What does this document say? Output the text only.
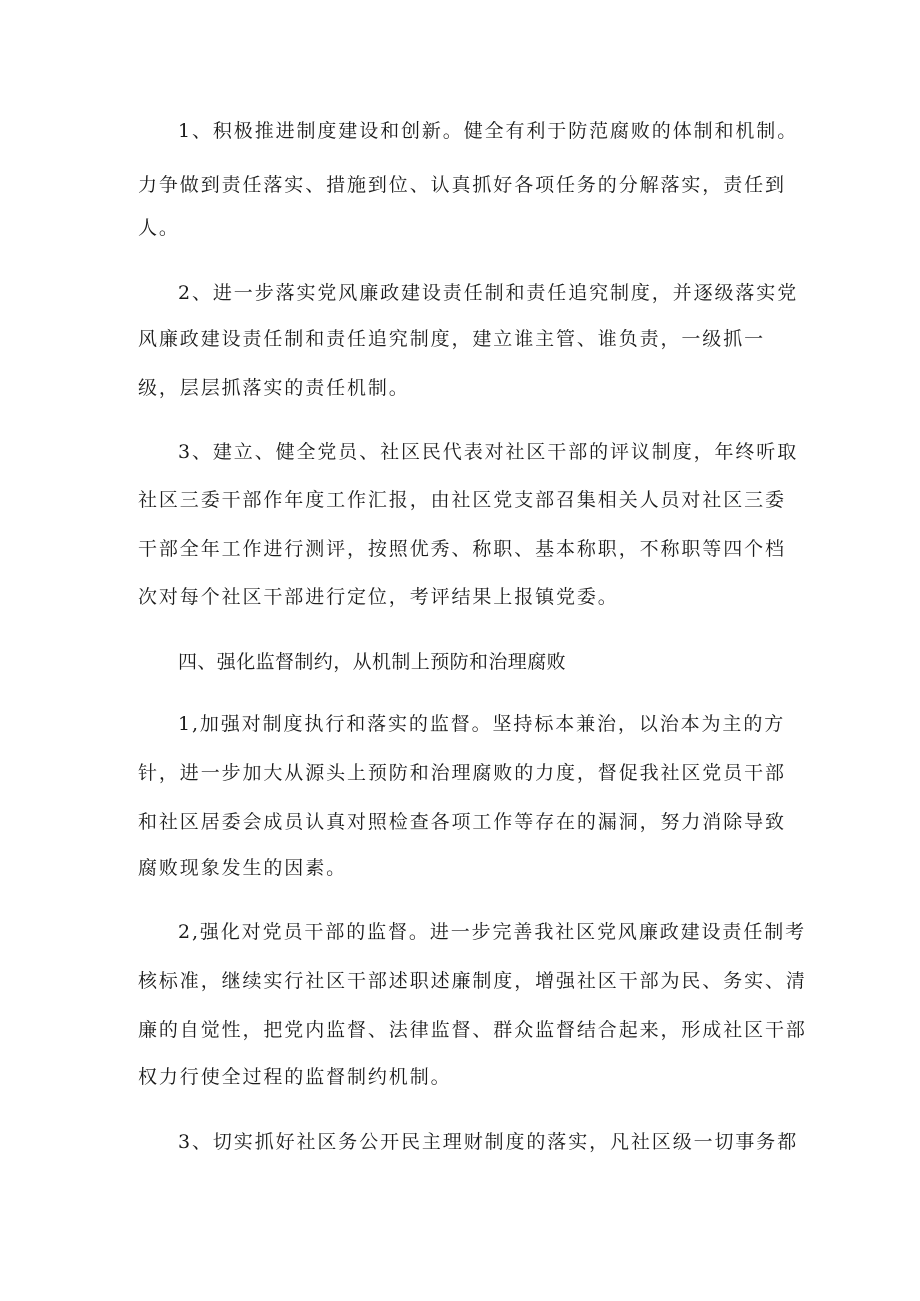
1、积极推进制度建设和创新。健全有利于防范腐败的体制和机制。
力争做到责任落实、措施到位、认真抓好各项任务的分解落实，责任到
人。
2、进一步落实党风廉政建设责任制和责任追究制度，并逐级落实党
风廉政建设责任制和责任追究制度，建立谁主管、谁负责，一级抓一
级，层层抓落实的责任机制。
3、建立、健全党员、社区民代表对社区干部的评议制度，年终听取
社区三委干部作年度工作汇报，由社区党支部召集相关人员对社区三委
干部全年工作进行测评，按照优秀、称职、基本称职，不称职等四个档
次对每个社区干部进行定位，考评结果上报镇党委。
四、强化监督制约，从机制上预防和治理腐败
1,加强对制度执行和落实的监督。坚持标本兼治，以治本为主的方
针，进一步加大从源头上预防和治理腐败的力度，督促我社区党员干部
和社区居委会成员认真对照检查各项工作等存在的漏洞，努力消除导致
腐败现象发生的因素。
2,强化对党员干部的监督。进一步完善我社区党风廉政建设责任制考
核标准，继续实行社区干部述职述廉制度，增强社区干部为民、务实、清
廉的自觉性，把党内监督、法律监督、群众监督结合起来，形成社区干部
权力行使全过程的监督制约机制。
3、切实抓好社区务公开民主理财制度的落实，凡社区级一切事务都
